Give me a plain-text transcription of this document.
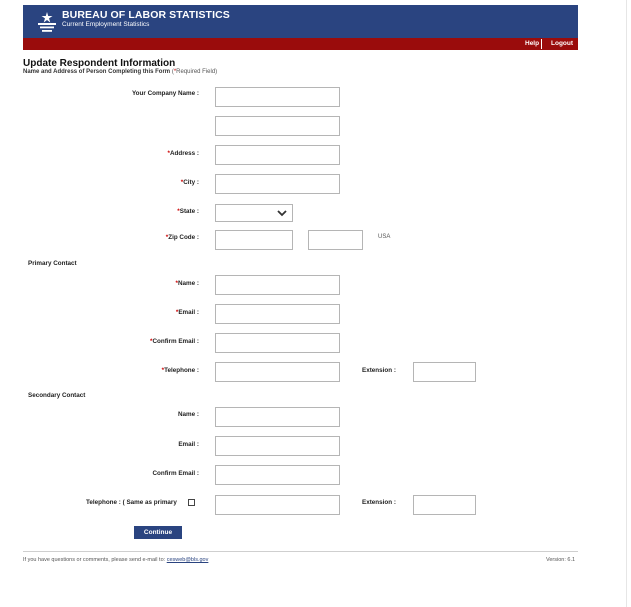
BUREAU OF LABOR STATISTICS
Current Employment Statistics
Help Logout
Update Respondent Information
Name and Address of Person Completing this Form (*Required Field)
Your Company Name :
*Address :
*City :
*State :
*Zip Code :	USA
Primary Contact
*Name :
*Email :
*Confirm Email :
*Telephone :	Extension :
Secondary Contact
Name :
Email :
Confirm Email :
Telephone : ( Same as primary	Extension :
Continue
If you have questions or comments, please send e-mail to: cesweb@bls.gov	Version: 6.1
